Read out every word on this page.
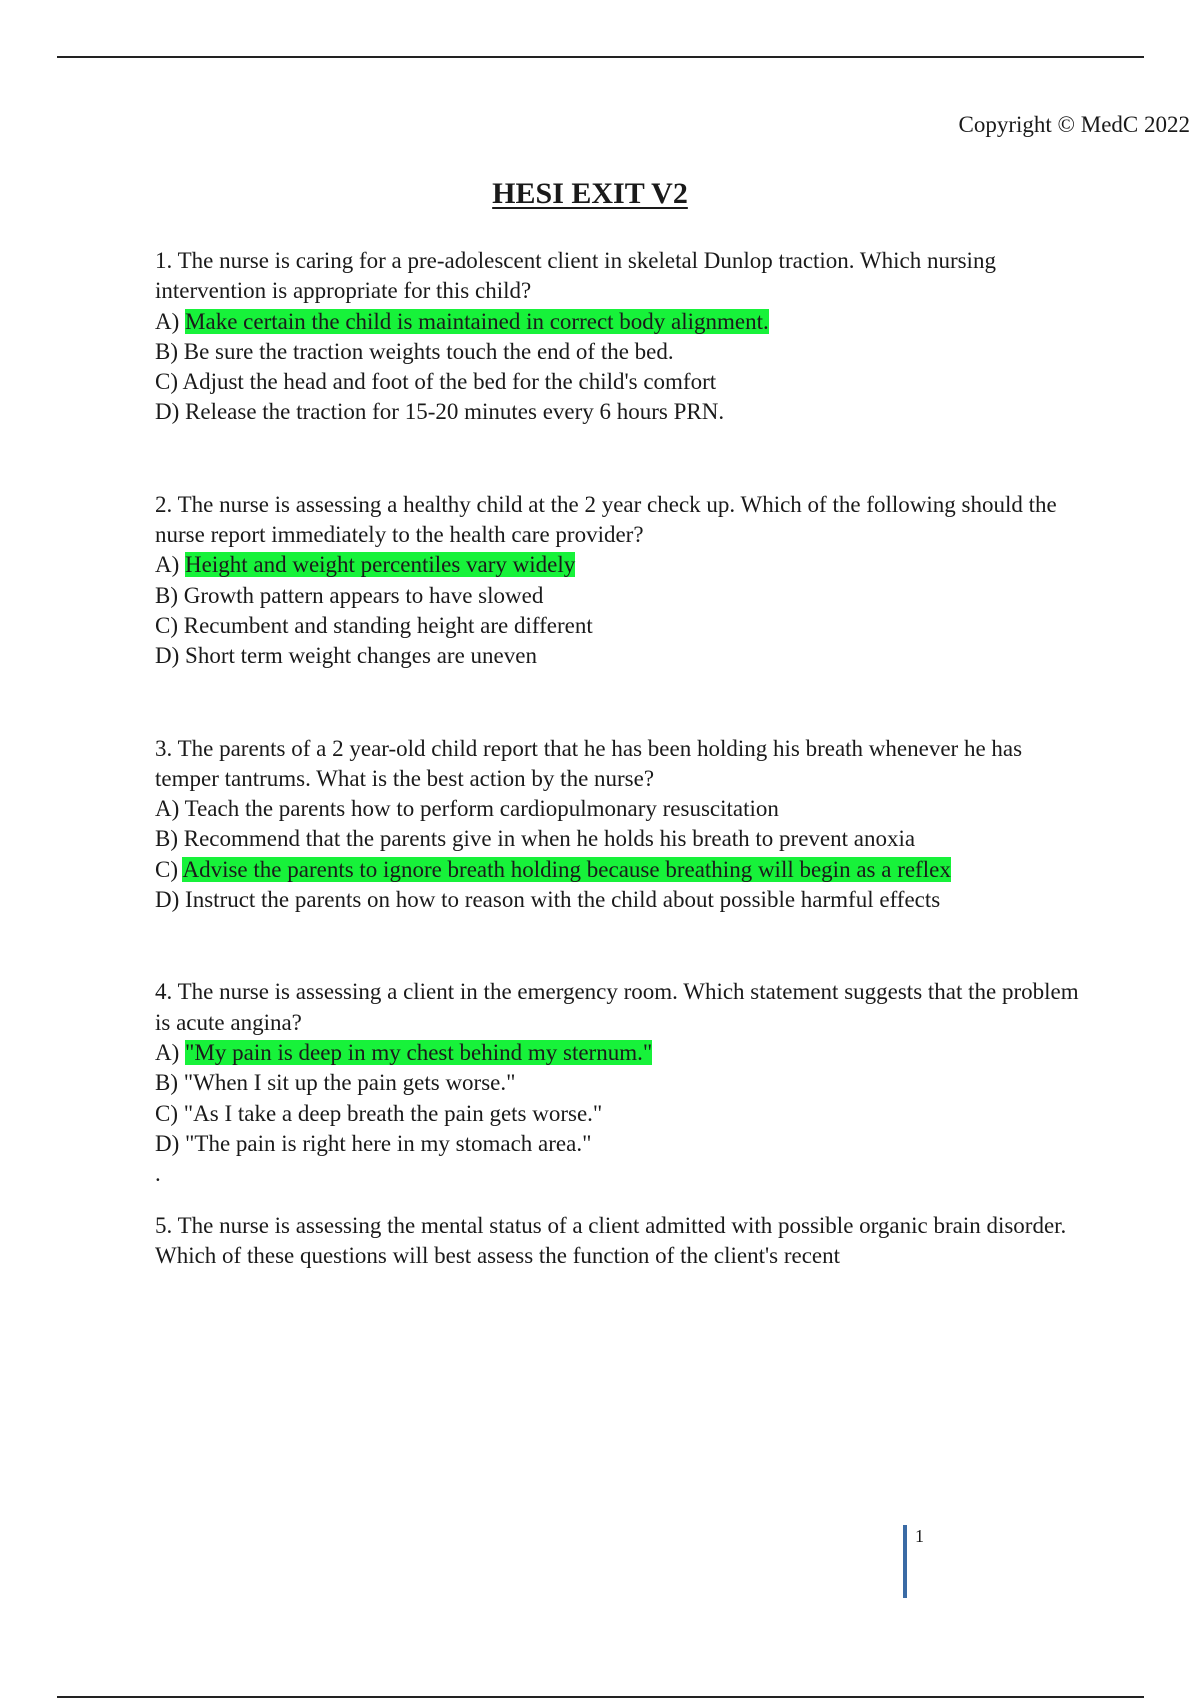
Copyright © MedC 2022
HESI EXIT V2

1. The nurse is caring for a pre-adolescent client in skeletal Dunlop traction. Which nursing intervention is appropriate for this child?

A) Make certain the child is maintained in correct body alignment.
B) Be sure the traction weights touch the end of the bed.
C) Adjust the head and foot of the bed for the child's comfort
D) Release the traction for 15-20 minutes every 6 hours PRN.

2. The nurse is assessing a healthy child at the 2 year check up. Which of the following should the nurse report immediately to the health care provider?

A) Height and weight percentiles vary widely
B) Growth pattern appears to have slowed
C) Recumbent and standing height are different
D) Short term weight changes are uneven

3. The parents of a 2 year-old child report that he has been holding his breath whenever he has temper tantrums. What is the best action by the nurse?

A) Teach the parents how to perform cardiopulmonary resuscitation
B) Recommend that the parents give in when he holds his breath to prevent anoxia
C) Advise the parents to ignore breath holding because breathing will begin as a reflex
D) Instruct the parents on how to reason with the child about possible harmful effects

4. The nurse is assessing a client in the emergency room. Which statement suggests that the problem is acute angina?

A) "My pain is deep in my chest behind my sternum."
B) "When I sit up the pain gets worse."
C) "As I take a deep breath the pain gets worse."
D) "The pain is right here in my stomach area."
.

5. The nurse is assessing the mental status of a client admitted with possible organic brain disorder. Which of these questions will best assess the function of the client's recent

1
